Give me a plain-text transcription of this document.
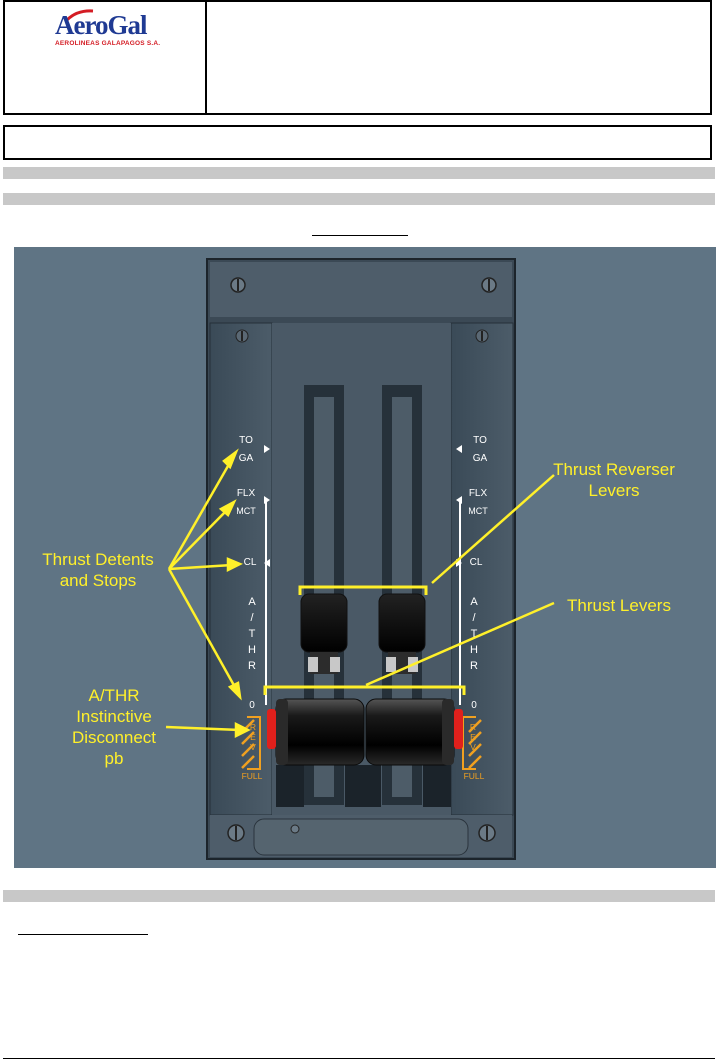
AeroGal
AEROLINEAS GALAPAGOS S.A.
TO
GA
FLX
MCT
CL
A
/
T
H
R
0
R
E
V
FULL
TO
GA
FLX
MCT
CL
A
/
T
H
R
0
R
E
V
FULL
Thrust Detents
and Stops
Thrust Reverser
Levers
Thrust Levers
A/THR
Instinctive
Disconnect
pb
